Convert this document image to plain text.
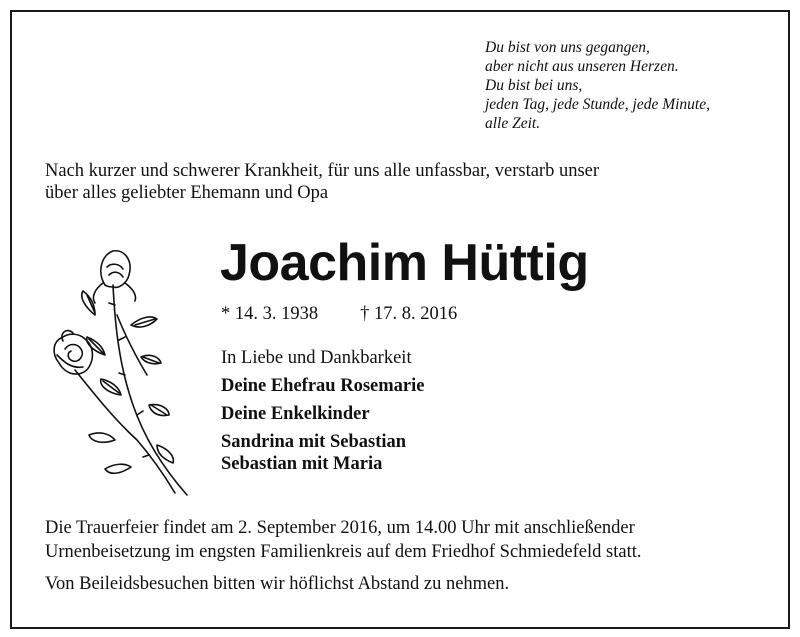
Du bist von uns gegangen,
aber nicht aus unseren Herzen.
Du bist bei uns,
jeden Tag, jede Stunde, jede Minute,
alle Zeit.
Nach kurzer und schwerer Krankheit, für uns alle unfassbar, verstarb unser
über alles geliebter Ehemann und Opa
Joachim Hüttig
* 14. 3. 1938 † 17. 8. 2016
In Liebe und Dankbarkeit
Deine Ehefrau Rosemarie
Deine Enkelkinder
Sandrina mit Sebastian
Sebastian mit Maria
Die Trauerfeier findet am 2. September 2016, um 14.00 Uhr mit anschließender
Urnenbeisetzung im engsten Familienkreis auf dem Friedhof Schmiedefeld statt.
Von Beileidsbesuchen bitten wir höflichst Abstand zu nehmen.
